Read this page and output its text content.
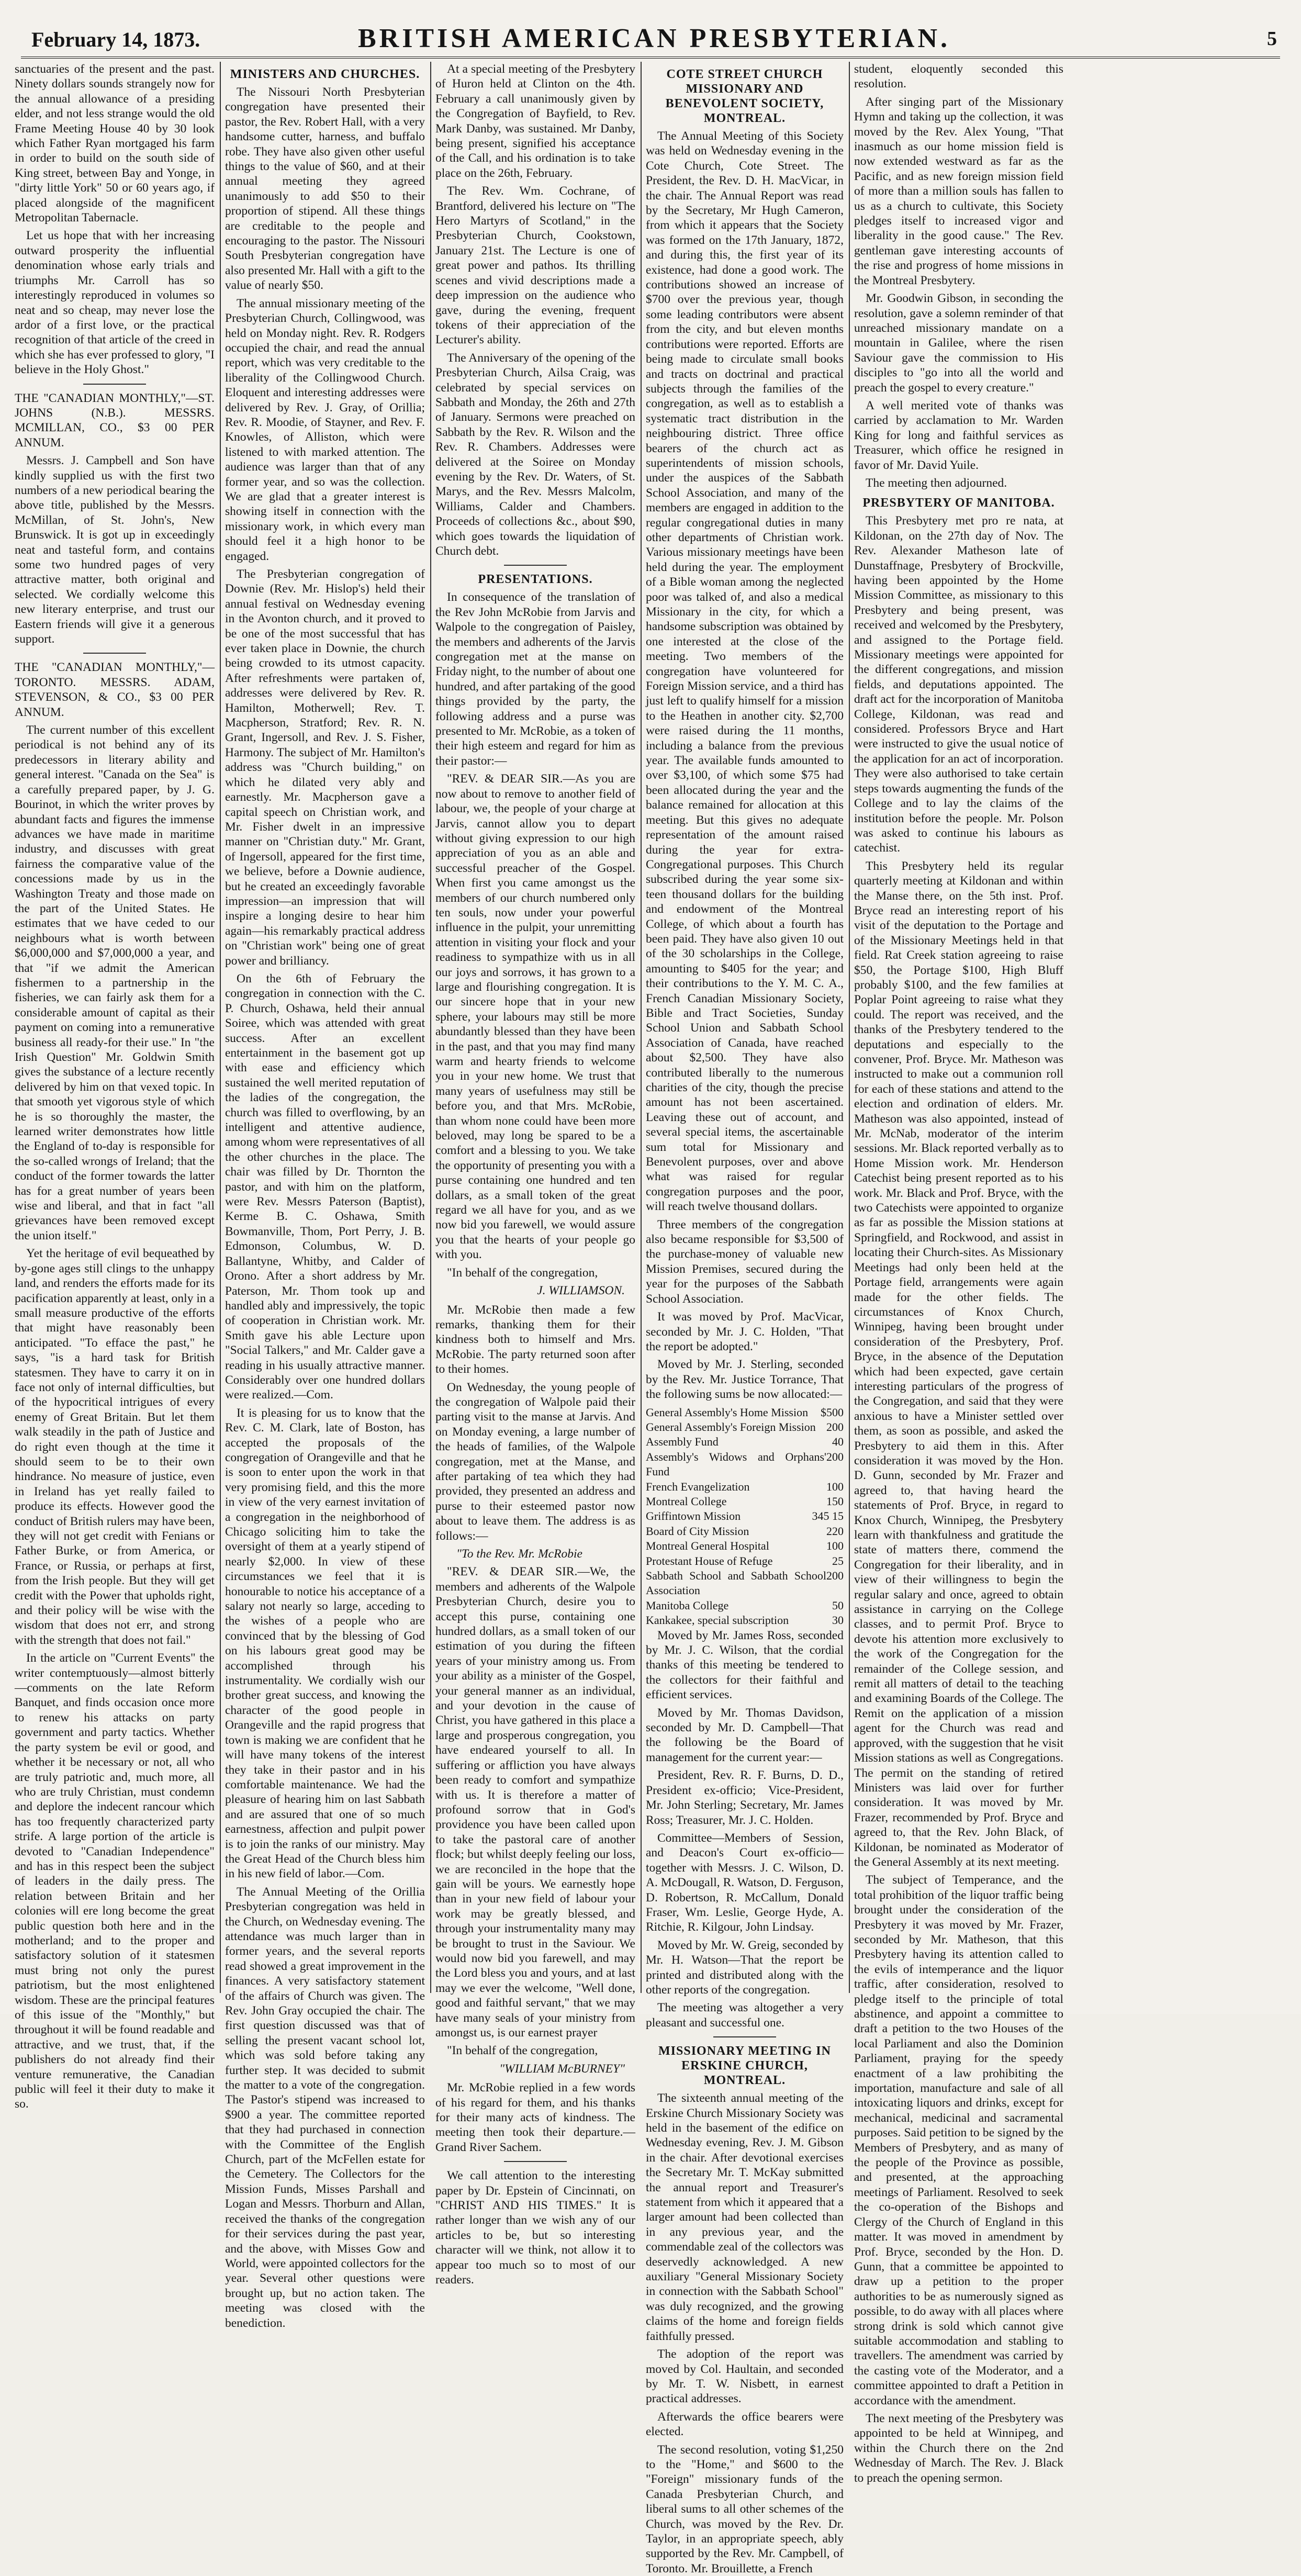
February 14, 1873.	BRITISH AMERICAN PRESBYTERIAN.	5

sanctuaries of the present and the past. Ninety dollars sounds strangely now for the annual allowance of a presiding elder, and not less strange would the old Frame Meeting House 40 by 30 look which Father Ryan mortgaged his farm in order to build on the south side of King street, between Bay and Yonge, in "dirty little York" 50 or 60 years ago, if placed alongside of the magnificent Metropolitan Tabernacle.

Let us hope that with her increasing outward prosperity the influential denomination whose early trials and triumphs Mr. Carroll has so interestingly reproduced in volumes so neat and so cheap, may never lose the ardor of a first love, or the practical recognition of that article of the creed in which she has ever professed to glory, "I believe in the Holy Ghost."

THE "CANADIAN MONTHLY,"—ST. JOHNS (N.B.). MESSRS. MCMILLAN, CO., $3 00 PER ANNUM.

Messrs. J. Campbell and Son have kindly supplied us with the first two numbers of a new periodical bearing the above title, published by the Messrs. McMillan, of St. John's, New Brunswick. It is got up in exceedingly neat and tasteful form, and contains some two hundred pages of very attractive matter, both original and selected. We cordially welcome this new literary enterprise, and trust our Eastern friends will give it a generous support.

THE "CANADIAN MONTHLY,"—TORONTO. MESSRS. ADAM, STEVENSON, & CO., $3 00 PER ANNUM.

The current number of this excellent periodical is not behind any of its predecessors in literary ability and general interest. "Canada on the Sea" is a carefully prepared paper, by J. G. Bourinot, in which the writer proves by abundant facts and figures the immense advances we have made in maritime industry, and discusses with great fairness the comparative value of the concessions made by us in the Washington Treaty and those made on the part of the United States. He estimates that we have ceded to our neighbours what is worth between $6,000,000 and $7,000,000 a year, and that "if we admit the American fishermen to a partnership in the fisheries, we can fairly ask them for a considerable amount of capital as their payment on coming into a remunerative business all ready-for their use." In "the Irish Question" Mr. Goldwin Smith gives the substance of a lecture recently delivered by him on that vexed topic. In that smooth yet vigorous style of which he is so thoroughly the master, the learned writer demonstrates how little the England of to-day is responsible for the so-called wrongs of Ireland; that the conduct of the former towards the latter has for a great number of years been wise and liberal, and that in fact "all grievances have been removed except the union itself."

Yet the heritage of evil bequeathed by by-gone ages still clings to the unhappy land, and renders the efforts made for its pacification apparently at least, only in a small measure productive of the efforts that might have reasonably been anticipated. "To efface the past," he says, "is a hard task for British statesmen. They have to carry it on in face not only of internal difficulties, but of the hypocritical intrigues of every enemy of Great Britain. But let them walk steadily in the path of Justice and do right even though at the time it should seem to be to their own hindrance. No measure of justice, even in Ireland has yet really failed to produce its effects. However good the conduct of British rulers may have been, they will not get credit with Fenians or Father Burke, or from America, or France, or Russia, or perhaps at first, from the Irish people. But they will get credit with the Power that upholds right, and their policy will be wise with the wisdom that does not err, and strong with the strength that does not fail."

In the article on "Current Events" the writer contemptuously—almost bitterly—comments on the late Reform Banquet, and finds occasion once more to renew his attacks on party government and party tactics. Whether the party system be evil or good, and whether it be necessary or not, all who are truly patriotic and, much more, all who are truly Christian, must condemn and deplore the indecent rancour which has too frequently characterized party strife. A large portion of the article is devoted to "Canadian Independence" and has in this respect been the subject of leaders in the daily press. The relation between Britain and her colonies will ere long become the great public question both here and in the motherland; and to the proper and satisfactory solution of it statesmen must bring not only the purest patriotism, but the most enlightened wisdom. These are the principal features of this issue of the "Monthly," but throughout it will be found readable and attractive, and we trust, that, if the publishers do not already find their venture remunerative, the Canadian public will feel it their duty to make it so.

MINISTERS AND CHURCHES.

The Nissouri North Presbyterian congregation have presented their pastor, the Rev. Robert Hall, with a very handsome cutter, harness, and buffalo robe. They have also given other useful things to the value of $60, and at their annual meeting they agreed unanimously to add $50 to their proportion of stipend. All these things are creditable to the people and encouraging to the pastor. The Nissouri South Presbyterian congregation have also presented Mr. Hall with a gift to the value of nearly $50.

The annual missionary meeting of the Presbyterian Church, Collingwood, was held on Monday night. Rev. R. Rodgers occupied the chair, and read the annual report, which was very creditable to the liberality of the Collingwood Church. Eloquent and interesting addresses were delivered by Rev. J. Gray, of Orillia; Rev. R. Moodie, of Stayner, and Rev. F. Knowles, of Alliston, which were listened to with marked attention. The audience was larger than that of any former year, and so was the collection. We are glad that a greater interest is showing itself in connection with the missionary work, in which every man should feel it a high honor to be engaged.

The Presbyterian congregation of Downie (Rev. Mr. Hislop's) held their annual festival on Wednesday evening in the Avonton church, and it proved to be one of the most successful that has ever taken place in Downie, the church being crowded to its utmost capacity. After refreshments were partaken of, addresses were delivered by Rev. R. Hamilton, Motherwell; Rev. T. Macpherson, Stratford; Rev. R. N. Grant, Ingersoll, and Rev. J. S. Fisher, Harmony. The subject of Mr. Hamilton's address was "Church building," on which he dilated very ably and earnestly. Mr. Macpherson gave a capital speech on Christian work, and Mr. Fisher dwelt in an impressive manner on "Christian duty." Mr. Grant, of Ingersoll, appeared for the first time, we believe, before a Downie audience, but he created an exceedingly favorable impression—an impression that will inspire a longing desire to hear him again—his remarkably practical address on "Christian work" being one of great power and brilliancy.

On the 6th of February the congregation in connection with the C. P. Church, Oshawa, held their annual Soiree, which was attended with great success. After an excellent entertainment in the basement got up with ease and efficiency which sustained the well merited reputation of the ladies of the congregation, the church was filled to overflowing, by an intelligent and attentive audience, among whom were representatives of all the other churches in the place. The chair was filled by Dr. Thornton the pastor, and with him on the platform, were Rev. Messrs Paterson (Baptist), Kerme B. C. Oshawa, Smith Bowmanville, Thom, Port Perry, J. B. Edmonson, Columbus, W. D. Ballantyne, Whitby, and Calder of Orono. After a short address by Mr. Paterson, Mr. Thom took up and handled ably and impressively, the topic of cooperation in Christian work. Mr. Smith gave his able Lecture upon "Social Talkers," and Mr. Calder gave a reading in his usually attractive manner. Considerably over one hundred dollars were realized.—Com.

It is pleasing for us to know that the Rev. C. M. Clark, late of Boston, has accepted the proposals of the congregation of Orangeville and that he is soon to enter upon the work in that very promising field, and this the more in view of the very earnest invitation of a congregation in the neighborhood of Chicago soliciting him to take the oversight of them at a yearly stipend of nearly $2,000. In view of these circumstances we feel that it is honourable to notice his acceptance of a salary not nearly so large, acceding to the wishes of a people who are convinced that by the blessing of God on his labours great good may be accomplished through his instrumentality. We cordially wish our brother great success, and knowing the character of the good people in Orangeville and the rapid progress that town is making we are confident that he will have many tokens of the interest they take in their pastor and in his comfortable maintenance. We had the pleasure of hearing him on last Sabbath and are assured that one of so much earnestness, affection and pulpit power is to join the ranks of our ministry. May the Great Head of the Church bless him in his new field of labor.—Com.

The Annual Meeting of the Orillia Presbyterian congregation was held in the Church, on Wednesday evening. The attendance was much larger than in former years, and the several reports read showed a great improvement in the finances. A very satisfactory statement of the affairs of Church was given. The Rev. John Gray occupied the chair. The first question discussed was that of selling the present vacant school lot, which was sold before taking any further step. It was decided to submit the matter to a vote of the congregation. The Pastor's stipend was increased to $900 a year. The committee reported that they had purchased in connection with the Committee of the English Church, part of the McFellen estate for the Cemetery. The Collectors for the Mission Funds, Misses Parshall and Logan and Messrs. Thorburn and Allan, received the thanks of the congregation for their services during the past year, and the above, with Misses Gow and World, were appointed collectors for the year. Several other questions were brought up, but no action taken. The meeting was closed with the benediction.

At a special meeting of the Presbytery of Huron held at Clinton on the 4th. February a call unanimously given by the Congregation of Bayfield, to Rev. Mark Danby, was sustained. Mr Danby, being present, signified his acceptance of the Call, and his ordination is to take place on the 26th, February.

The Rev. Wm. Cochrane, of Brantford, delivered his lecture on "The Hero Martyrs of Scotland," in the Presbyterian Church, Cookstown, January 21st. The Lecture is one of great power and pathos. Its thrilling scenes and vivid descriptions made a deep impression on the audience who gave, during the evening, frequent tokens of their appreciation of the Lecturer's ability.

The Anniversary of the opening of the Presbyterian Church, Ailsa Craig, was celebrated by special services on Sabbath and Monday, the 26th and 27th of January. Sermons were preached on Sabbath by the Rev. R. Wilson and the Rev. R. Chambers. Addresses were delivered at the Soiree on Monday evening by the Rev. Dr. Waters, of St. Marys, and the Rev. Messrs Malcolm, Williams, Calder and Chambers. Proceeds of collections &c., about $90, which goes towards the liquidation of Church debt.

PRESENTATIONS.

In consequence of the translation of the Rev John McRobie from Jarvis and Walpole to the congregation of Paisley, the members and adherents of the Jarvis congregation met at the manse on Friday night, to the number of about one hundred, and after partaking of the good things provided by the party, the following address and a purse was presented to Mr. McRobie, as a token of their high esteem and regard for him as their pastor:—

"REV. & DEAR SIR.—As you are now about to remove to another field of labour, we, the people of your charge at Jarvis, cannot allow you to depart without giving expression to our high appreciation of you as an able and successful preacher of the Gospel. When first you came amongst us the members of our church numbered only ten souls, now under your powerful influence in the pulpit, your unremitting attention in visiting your flock and your readiness to sympathize with us in all our joys and sorrows, it has grown to a large and flourishing congregation. It is our sincere hope that in your new sphere, your labours may still be more abundantly blessed than they have been in the past, and that you may find many warm and hearty friends to welcome you in your new home. We trust that many years of usefulness may still be before you, and that Mrs. McRobie, than whom none could have been more beloved, may long be spared to be a comfort and a blessing to you. We take the opportunity of presenting you with a purse containing one hundred and ten dollars, as a small token of the great regard we all have for you, and as we now bid you farewell, we would assure you that the hearts of your people go with you.

"In behalf of the congregation,

J. WILLIAMSON.

Mr. McRobie then made a few remarks, thanking them for their kindness both to himself and Mrs. McRobie. The party returned soon after to their homes.

On Wednesday, the young people of the congregation of Walpole paid their parting visit to the manse at Jarvis. And on Monday evening, a large number of the heads of families, of the Walpole congregation, met at the Manse, and after partaking of tea which they had provided, they presented an address and purse to their esteemed pastor now about to leave them. The address is as follows:—

"To the Rev. Mr. McRobie

"REV. & DEAR SIR.—We, the members and adherents of the Walpole Presbyterian Church, desire you to accept this purse, containing one hundred dollars, as a small token of our estimation of you during the fifteen years of your ministry among us. From your ability as a minister of the Gospel, your general manner as an individual, and your devotion in the cause of Christ, you have gathered in this place a large and prosperous congregation, you have endeared yourself to all. In suffering or affliction you have always been ready to comfort and sympathize with us. It is therefore a matter of profound sorrow that in God's providence you have been called upon to take the pastoral care of another flock; but whilst deeply feeling our loss, we are reconciled in the hope that the gain will be yours. We earnestly hope than in your new field of labour your work may be greatly blessed, and through your instrumentality many may be brought to trust in the Saviour. We would now bid you farewell, and may the Lord bless you and yours, and at last may we ever the welcome, "Well done, good and faithful servant," that we may have many seals of your ministry from amongst us, is our earnest prayer

"In behalf of the congregation,

"WILLIAM McBURNEY"

Mr. McRobie replied in a few words of his regard for them, and his thanks for their many acts of kindness. The meeting then took their departure.—Grand River Sachem.

We call attention to the interesting paper by Dr. Epstein of Cincinnati, on "CHRIST AND HIS TIMES." It is rather longer than we wish any of our articles to be, but so interesting character will we think, not allow it to appear too much so to most of our readers.

COTE STREET CHURCH MISSIONARY AND BENEVOLENT SOCIETY, MONTREAL.

The Annual Meeting of this Society was held on Wednesday evening in the Cote Church, Cote Street. The President, the Rev. D. H. MacVicar, in the chair. The Annual Report was read by the Secretary, Mr Hugh Cameron, from which it appears that the Society was formed on the 17th January, 1872, and during this, the first year of its existence, had done a good work. The contributions showed an increase of $700 over the previous year, though some leading contributors were absent from the city, and but eleven months contributions were reported. Efforts are being made to circulate small books and tracts on doctrinal and practical subjects through the families of the congregation, as well as to establish a systematic tract distribution in the neighbouring district. Three office bearers of the church act as superintendents of mission schools, under the auspices of the Sabbath School Association, and many of the members are engaged in addition to the regular congregational duties in many other departments of Christian work. Various missionary meetings have been held during the year. The employment of a Bible woman among the neglected poor was talked of, and also a medical Missionary in the city, for which a handsome subscription was obtained by one interested at the close of the meeting. Two members of the congregation have volunteered for Foreign Mission service, and a third has just left to qualify himself for a mission to the Heathen in another city. $2,700 were raised during the 11 months, including a balance from the previous year. The available funds amounted to over $3,100, of which some $75 had been allocated during the year and the balance remained for allocation at this meeting. But this gives no adequate representation of the amount raised during the year for extra-Congregational purposes. This Church subscribed during the year some six-teen thousand dollars for the building and endowment of the Montreal College, of which about a fourth has been paid. They have also given 10 out of the 30 scholarships in the College, amounting to $405 for the year; and their contributions to the Y. M. C. A., French Canadian Missionary Society, Bible and Tract Societies, Sunday School Union and Sabbath School Association of Canada, have reached about $2,500. They have also contributed liberally to the numerous charities of the city, though the precise amount has not been ascertained. Leaving these out of account, and several special items, the ascertainable sum total for Missionary and Benevolent purposes, over and above what was raised for regular congregation purposes and the poor, will reach twelve thousand dollars.

Three members of the congregation also became responsible for $3,500 of the purchase-money of valuable new Mission Premises, secured during the year for the purposes of the Sabbath School Association.

It was moved by Prof. MacVicar, seconded by Mr. J. C. Holden, "That the report be adopted."

Moved by Mr. J. Sterling, seconded by the Rev. Mr. Justice Torrance, That the following sums be now allocated:—

General Assembly's Home Mission $500
General Assembly's Foreign Mission 200
Assembly Fund	40
Assembly's Widows and Orphans' Fund
200
French Evangelization	100
Montreal College	150
Griffintown Mission	345 15
Board of City Mission	220
Montreal General Hospital	100
Protestant House of Refuge	25
Sabbath School and Sabbath School Association
200
Manitoba College	50
Kankakee, special subscription	30

Moved by Mr. James Ross, seconded by Mr. J. C. Wilson, that the cordial thanks of this meeting be tendered to the collectors for their faithful and efficient services.

Moved by Mr. Thomas Davidson, seconded by Mr. D. Campbell—That the following be the Board of management for the current year:—

President, Rev. R. F. Burns, D. D., President ex-officio; Vice-President, Mr. John Sterling; Secretary, Mr. James Ross; Treasurer, Mr. J. C. Holden.

Committee—Members of Session, and Deacon's Court ex-officio—together with Messrs. J. C. Wilson, D. A. McDougall, R. Watson, D. Ferguson, D. Robertson, R. McCallum, Donald Fraser, Wm. Leslie, George Hyde, A. Ritchie, R. Kilgour, John Lindsay.

Moved by Mr. W. Greig, seconded by Mr. H. Watson—That the report be printed and distributed along with the other reports of the congregation.

The meeting was altogether a very pleasant and successful one.

MISSIONARY MEETING IN ERSKINE CHURCH, MONTREAL.

The sixteenth annual meeting of the Erskine Church Missionary Society was held in the basement of the edifice on Wednesday evening, Rev. J. M. Gibson in the chair. After devotional exercises the Secretary Mr. T. McKay submitted the annual report and Treasurer's statement from which it appeared that a larger amount had been collected than in any previous year, and the commendable zeal of the collectors was deservedly acknowledged. A new auxiliary "General Missionary Society in connection with the Sabbath School" was duly recognized, and the growing claims of the home and foreign fields faithfully pressed.

The adoption of the report was moved by Col. Haultain, and seconded by Mr. T. W. Nisbett, in earnest practical addresses.

Afterwards the office bearers were elected.

The second resolution, voting $1,250 to the "Home," and $600 to the "Foreign" missionary funds of the Canada Presbyterian Church, and liberal sums to all other schemes of the Church, was moved by the Rev. Dr. Taylor, in an appropriate speech, ably supported by the Rev. Mr. Campbell, of Toronto. Mr. Brouillette, a French

student, eloquently seconded this resolution.

After singing part of the Missionary Hymn and taking up the collection, it was moved by the Rev. Alex Young, "That inasmuch as our home mission field is now extended westward as far as the Pacific, and as new foreign mission field of more than a million souls has fallen to us as a church to cultivate, this Society pledges itself to increased vigor and liberality in the good cause." The Rev. gentleman gave interesting accounts of the rise and progress of home missions in the Montreal Presbytery.

Mr. Goodwin Gibson, in seconding the resolution, gave a solemn reminder of that unreached missionary mandate on a mountain in Galilee, where the risen Saviour gave the commission to His disciples to "go into all the world and preach the gospel to every creature."

A well merited vote of thanks was carried by acclamation to Mr. Warden King for long and faithful services as Treasurer, which office he resigned in favor of Mr. David Yuile.

The meeting then adjourned.

PRESBYTERY OF MANITOBA.

This Presbytery met pro re nata, at Kildonan, on the 27th day of Nov. The Rev. Alexander Matheson late of Dunstaffnage, Presbytery of Brockville, having been appointed by the Home Mission Committee, as missionary to this Presbytery and being present, was received and welcomed by the Presbytery, and assigned to the Portage field. Missionary meetings were appointed for the different congregations, and mission fields, and deputations appointed. The draft act for the incorporation of Manitoba College, Kildonan, was read and considered. Professors Bryce and Hart were instructed to give the usual notice of the application for an act of incorporation. They were also authorised to take certain steps towards augmenting the funds of the College and to lay the claims of the institution before the people. Mr. Polson was asked to continue his labours as catechist.

This Presbytery held its regular quarterly meeting at Kildonan and within the Manse there, on the 5th inst. Prof. Bryce read an interesting report of his visit of the deputation to the Portage and of the Missionary Meetings held in that field. Rat Creek station agreeing to raise $50, the Portage $100, High Bluff probably $100, and the few families at Poplar Point agreeing to raise what they could. The report was received, and the thanks of the Presbytery tendered to the deputations and especially to the convener, Prof. Bryce. Mr. Matheson was instructed to make out a communion roll for each of these stations and attend to the election and ordination of elders. Mr. Matheson was also appointed, instead of Mr. McNab, moderator of the interim sessions. Mr. Black reported verbally as to Home Mission work. Mr. Henderson Catechist being present reported as to his work. Mr. Black and Prof. Bryce, with the two Catechists were appointed to organize as far as possible the Mission stations at Springfield, and Rockwood, and assist in locating their Church-sites. As Missionary Meetings had only been held at the Portage field, arrangements were again made for the other fields. The circumstances of Knox Church, Winnipeg, having been brought under consideration of the Presbytery, Prof. Bryce, in the absence of the Deputation which had been expected, gave certain interesting particulars of the progress of the Congregation, and said that they were anxious to have a Minister settled over them, as soon as possible, and asked the Presbytery to aid them in this. After consideration it was moved by the Hon. D. Gunn, seconded by Mr. Frazer and agreed to, that having heard the statements of Prof. Bryce, in regard to Knox Church, Winnipeg, the Presbytery learn with thankfulness and gratitude the state of matters there, commend the Congregation for their liberality, and in view of their willingness to begin the regular salary and once, agreed to obtain assistance in carrying on the College classes, and to permit Prof. Bryce to devote his attention more exclusively to the work of the Congregation for the remainder of the College session, and remit all matters of detail to the teaching and examining Boards of the College. The Remit on the application of a mission agent for the Church was read and approved, with the suggestion that he visit Mission stations as well as Congregations. The permit on the standing of retired Ministers was laid over for further consideration. It was moved by Mr. Frazer, recommended by Prof. Bryce and agreed to, that the Rev. John Black, of Kildonan, be nominated as Moderator of the General Assembly at its next meeting.

The subject of Temperance, and the total prohibition of the liquor traffic being brought under the consideration of the Presbytery it was moved by Mr. Frazer, seconded by Mr. Matheson, that this Presbytery having its attention called to the evils of intemperance and the liquor traffic, after consideration, resolved to pledge itself to the principle of total abstinence, and appoint a committee to draft a petition to the two Houses of the local Parliament and also the Dominion Parliament, praying for the speedy enactment of a law prohibiting the importation, manufacture and sale of all intoxicating liquors and drinks, except for mechanical, medicinal and sacramental purposes. Said petition to be signed by the Members of Presbytery, and as many of the people of the Province as possible, and presented, at the approaching meetings of Parliament. Resolved to seek the co-operation of the Bishops and Clergy of the Church of England in this matter. It was moved in amendment by Prof. Bryce, seconded by the Hon. D. Gunn, that a committee be appointed to draw up a petition to the proper authorities to be as numerously signed as possible, to do away with all places where strong drink is sold which cannot give suitable accommodation and stabling to travellers. The amendment was carried by the casting vote of the Moderator, and a committee appointed to draft a Petition in accordance with the amendment.

The next meeting of the Presbytery was appointed to be held at Winnipeg, and within the Church there on the 2nd Wednesday of March. The Rev. J. Black to preach the opening sermon.
